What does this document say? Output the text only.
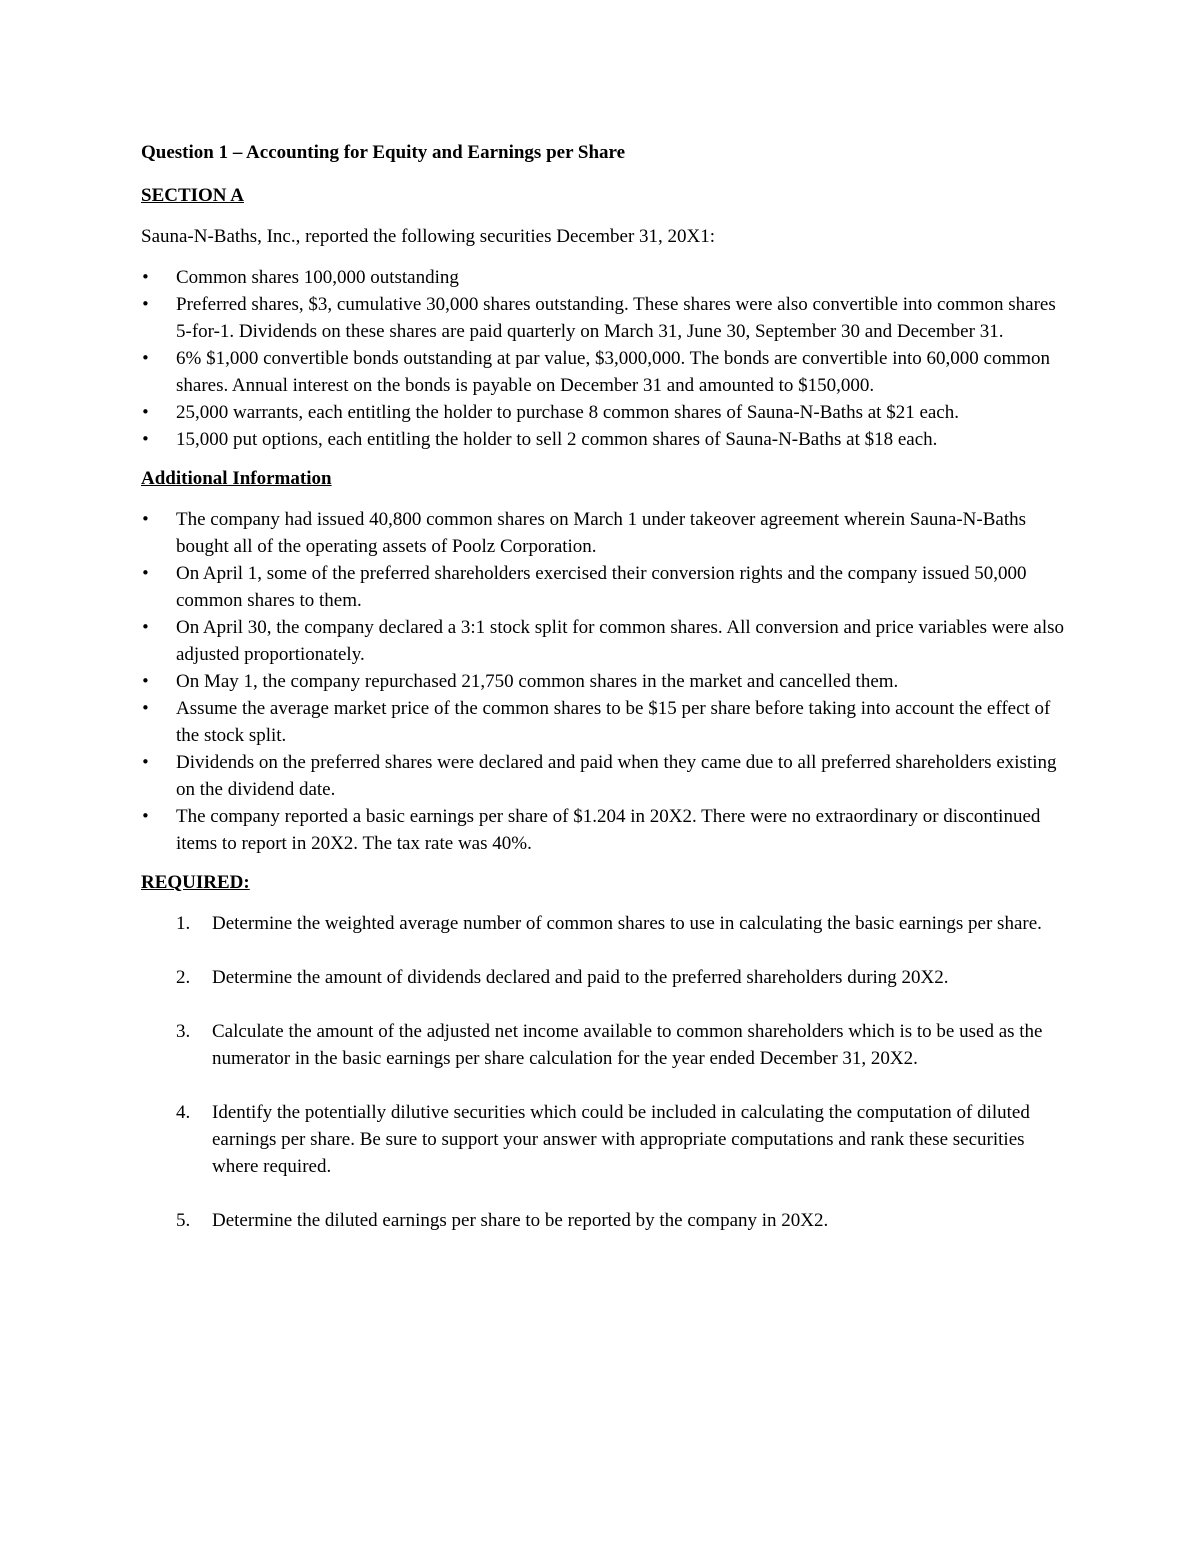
Question 1 – Accounting for Equity and Earnings per Share
SECTION A
Sauna-N-Baths, Inc., reported the following securities December 31, 20X1:
•	Common shares 100,000 outstanding
•	Preferred shares, $3, cumulative 30,000 shares outstanding. These shares were also convertible into common shares 5-for-1. Dividends on these shares are paid quarterly on March 31, June 30, September 30 and December 31.
•	6% $1,000 convertible bonds outstanding at par value, $3,000,000. The bonds are convertible into 60,000 common shares. Annual interest on the bonds is payable on December 31 and amounted to $150,000.
•	25,000 warrants, each entitling the holder to purchase 8 common shares of Sauna-N-Baths at $21 each.
•	15,000 put options, each entitling the holder to sell 2 common shares of Sauna-N-Baths at $18 each.
Additional Information
•	The company had issued 40,800 common shares on March 1 under takeover agreement wherein Sauna-N-Baths bought all of the operating assets of Poolz Corporation.
•	On April 1, some of the preferred shareholders exercised their conversion rights and the company issued 50,000 common shares to them.
•	On April 30, the company declared a 3:1 stock split for common shares. All conversion and price variables were also adjusted proportionately.
•	On May 1, the company repurchased 21,750 common shares in the market and cancelled them.
•	Assume the average market price of the common shares to be $15 per share before taking into account the effect of the stock split.
•	Dividends on the preferred shares were declared and paid when they came due to all preferred shareholders existing on the dividend date.
•	The company reported a basic earnings per share of $1.204 in 20X2. There were no extraordinary or discontinued items to report in 20X2. The tax rate was 40%.
REQUIRED:
1. Determine the weighted average number of common shares to use in calculating the basic earnings per share.
2. Determine the amount of dividends declared and paid to the preferred shareholders during 20X2.
3. Calculate the amount of the adjusted net income available to common shareholders which is to be used as the numerator in the basic earnings per share calculation for the year ended December 31, 20X2.
4. Identify the potentially dilutive securities which could be included in calculating the computation of diluted earnings per share. Be sure to support your answer with appropriate computations and rank these securities where required.
5. Determine the diluted earnings per share to be reported by the company in 20X2.
